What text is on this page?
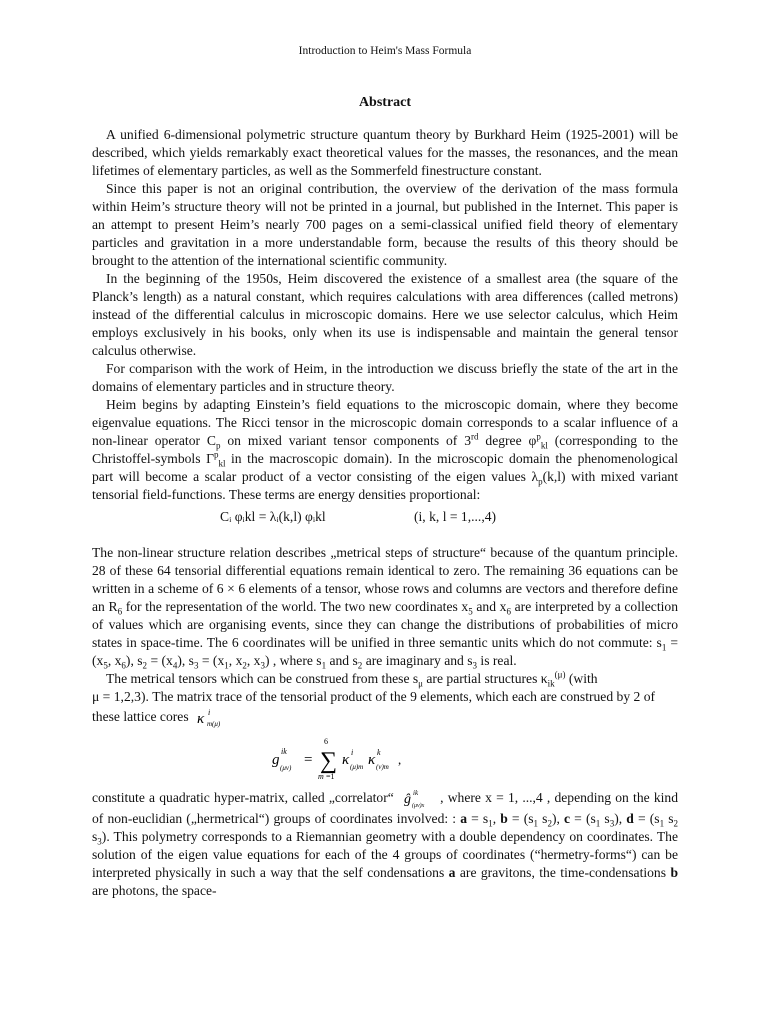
Introduction to Heim's Mass Formula
Abstract

A unified 6-dimensional polymetric structure quantum theory by Burkhard Heim (1925-2001) will be described, which yields remarkably exact theoretical values for the masses, the resonances, and the mean lifetimes of elementary particles, as well as the Sommerfeld finestructure constant.

Since this paper is not an original contribution, the overview of the derivation of the mass formula within Heim’s structure theory will not be printed in a journal, but published in the Internet. This paper is an attempt to present Heim’s nearly 700 pages on a semi-classical unified field theory of elementary particles and gravitation in a more understandable form, because the results of this theory should be brought to the attention of the international scientific community.

In the beginning of the 1950s, Heim discovered the existence of a smallest area (the square of the Planck’s length) as a natural constant, which requires calculations with area differences (called metrons) instead of the differential calculus in microscopic domains. Here we use selector calculus, which Heim employs exclusively in his books, only when its use is indispensable and maintain the general tensor calculus otherwise.

For comparison with the work of Heim, in the introduction we discuss briefly the state of the art in the domains of elementary particles and in structure theory.

Heim begins by adapting Einstein’s field equations to the microscopic domain, where they become eigenvalue equations. The Ricci tensor in the microscopic domain corresponds to a scalar influence of a non-linear operator $C_p$ on mixed variant tensor components of 3rd degree $\varphi^p_{kl}$ (corresponding to the Christoffel-symbols $\Gamma^p_{kl}$ in the macroscopic domain). In the microscopic domain the phenomenological part will become a scalar product of a vector consisting of the eigen values $\lambda_p(k,l)$ with mixed variant tensorial field-functions. These terms are energy densities proportional:

Cᵢ φᵢkl = λᵢ(k,l) φᵢkl	(i, k, l = 1,...,4)

The non-linear structure relation describes „metrical steps of structure“ because of the quantum principle. 28 of these 64 tensorial differential equations remain identical to zero. The remaining 36 equations can be written in a scheme of 6 × 6 elements of a tensor, whose rows and columns are vectors and therefore define an $R_6$ for the representation of the world. The two new coordinates $x_5$ and $x_6$ are interpreted by a collection of values which are organising events, since they can change the distributions of probabilities of micro states in space-time. The 6 coordinates will be unified in three semantic units which do not commute: $s_1 = (x_5$, $x_6$), $s_2 = (x_4)$, $s_3 = (x_1$, $x_2$, $x_3$) , where $s_1$ and $s_2$ are imaginary and $s_3$ is real.

The metrical tensors which can be construed from these $s_\mu$ are partial structures $\kappa_{ik}^{(\mu)}$ (with

μ = 1,2,3). The matrix trace of the tensorial product of the 9 elements, which each are construed by 2 of these lattice cores κ i
m(μ)

g
ik
(μν) =
6
∑
m =1
κ i
(μ)m κ k
(ν)m ,

constitute a quadratic hyper-matrix, called „correlator“ ĝ ik
(μν)x
, where x = 1, ...,4 , depending on the kind of non-euclidian („hermetrical“) groups of coordinates involved: : $a = s_1$, $b = (s_1$ $s_2$), $c = (s_1$ $s_3$), $d = (s_1$ $s_2$ $s_3$). This polymetry corresponds to a Riemannian geometry with a double dependency on coordinates. The solution of the eigen value equations for each of the 4 groups of coordinates (“hermetry-forms“) can be interpreted physically in such a way that the self condensations a are gravitons, the time-condensations b are photons, the space-
